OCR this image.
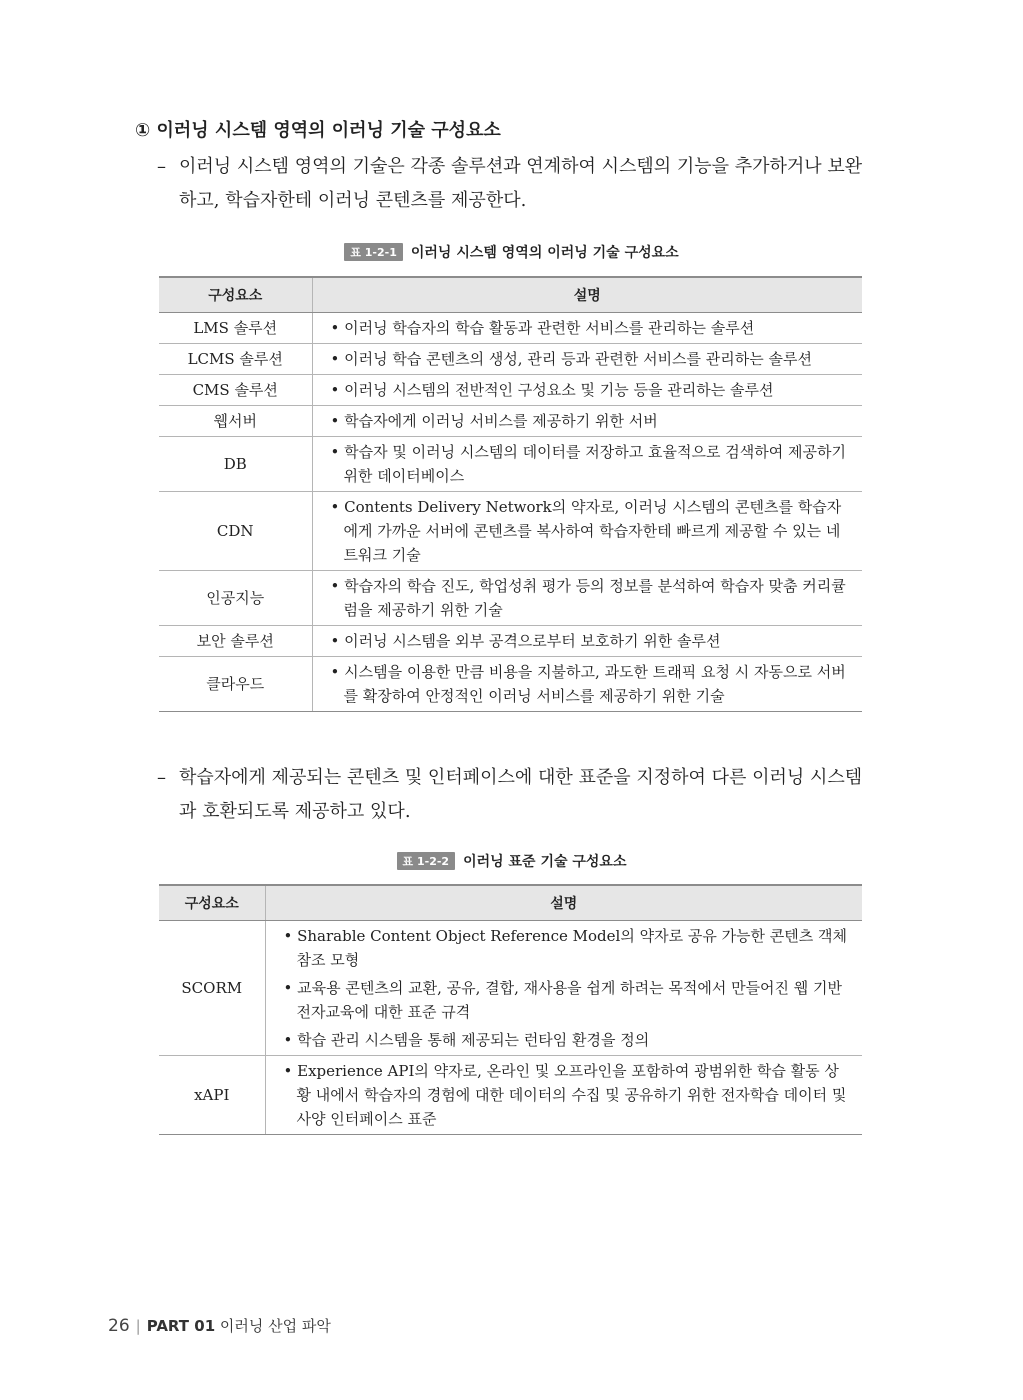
① 이러닝 시스템 영역의 이러닝 기술 구성요소
– 이러닝 시스템 영역의 기술은 각종 솔루션과 연계하여 시스템의 기능을 추가하거나 보완하고, 학습자한테 이러닝 콘텐츠를 제공한다.
표 1-2-1 이러닝 시스템 영역의 이러닝 기술 구성요소
구성요소	설명
LMS 솔루션	• 이러닝 학습자의 학습 활동과 관련한 서비스를 관리하는 솔루션

LCMS 솔루션	• 이러닝 학습 콘텐츠의 생성, 관리 등과 관련한 서비스를 관리하는 솔루션

CMS 솔루션	• 이러닝 시스템의 전반적인 구성요소 및 기능 등을 관리하는 솔루션

웹서버	• 학습자에게 이러닝 서비스를 제공하기 위한 서버

DB	• 학습자 및 이러닝 시스템의 데이터를 저장하고 효율적으로 검색하여 제공하기 위한 데이터베이스

CDN	• Contents Delivery Network의 약자로, 이러닝 시스템의 콘텐츠를 학습자에게 가까운 서버에 콘텐츠를 복사하여 학습자한테 빠르게 제공할 수 있는 네트워크 기술

인공지능	• 학습자의 학습 진도, 학업성취 평가 등의 정보를 분석하여 학습자 맞춤 커리큘럼을 제공하기 위한 기술

보안 솔루션	• 이러닝 시스템을 외부 공격으로부터 보호하기 위한 솔루션

클라우드	• 시스템을 이용한 만큼 비용을 지불하고, 과도한 트래픽 요청 시 자동으로 서버를 확장하여 안정적인 이러닝 서비스를 제공하기 위한 기술
– 학습자에게 제공되는 콘텐츠 및 인터페이스에 대한 표준을 지정하여 다른 이러닝 시스템과 호환되도록 제공하고 있다.
표 1-2-2 이러닝 표준 기술 구성요소
구성요소	설명
SCORM	• Sharable Content Object Reference Model의 약자로 공유 가능한 콘텐츠 객체 참조 모형
• 교육용 콘텐츠의 교환, 공유, 결합, 재사용을 쉽게 하려는 목적에서 만들어진 웹 기반 전자교육에 대한 표준 규격
• 학습 관리 시스템을 통해 제공되는 런타임 환경을 정의

xAPI	• Experience API의 약자로, 온라인 및 오프라인을 포함하여 광범위한 학습 활동 상황 내에서 학습자의 경험에 대한 데이터의 수집 및 공유하기 위한 전자학습 데이터 및 사양 인터페이스 표준
26 | PART 01 이러닝 산업 파악
